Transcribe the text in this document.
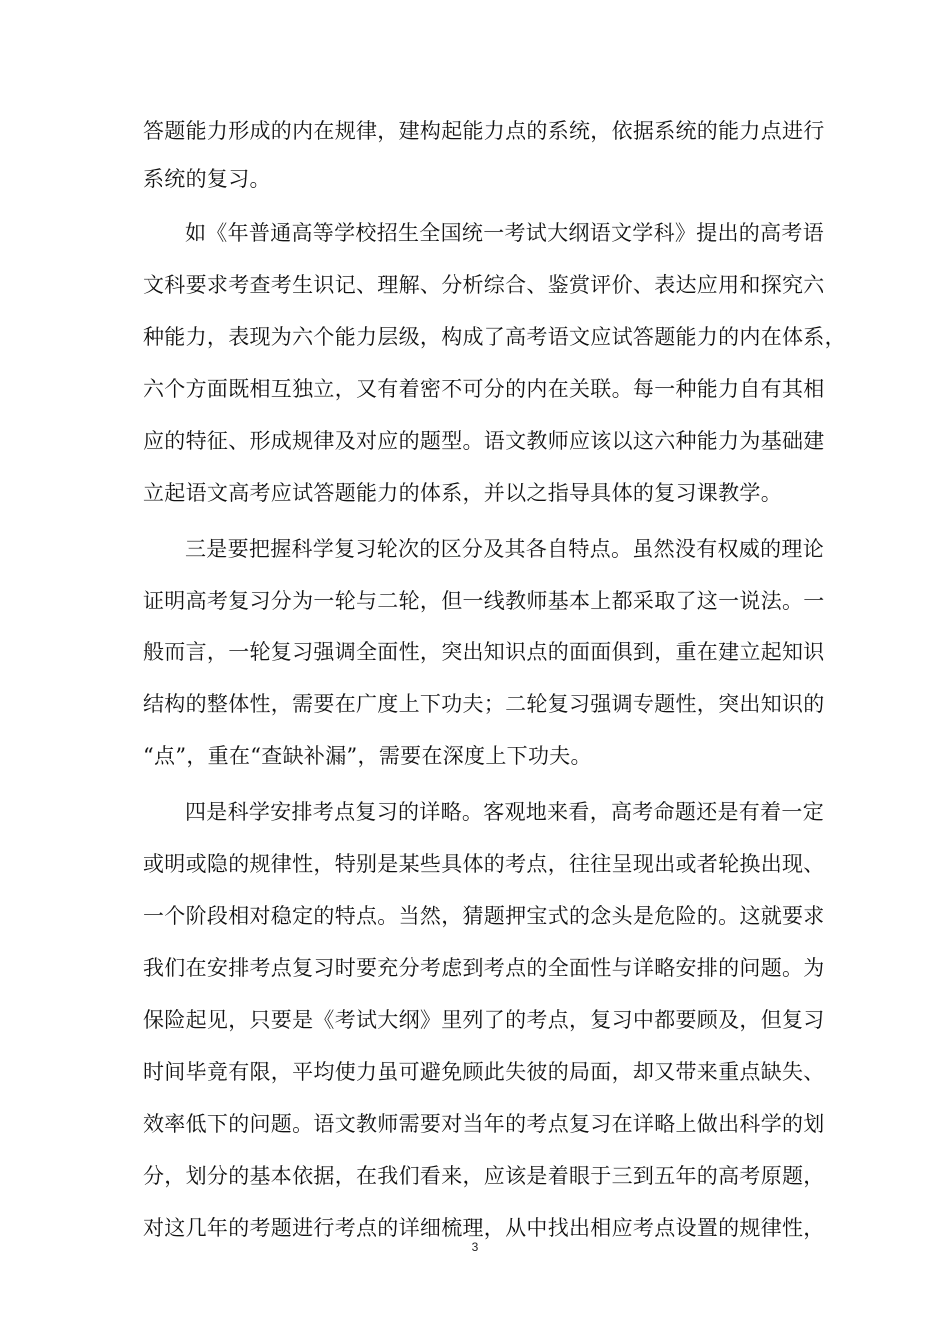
答题能力形成的内在规律，建构起能力点的系统，依据系统的能力点进行
系统的复习。
如《年普通高等学校招生全国统一考试大纲语文学科》提出的高考语
文科要求考查考生识记、理解、分析综合、鉴赏评价、表达应用和探究六
种能力，表现为六个能力层级，构成了高考语文应试答题能力的内在体系，
六个方面既相互独立，又有着密不可分的内在关联。每一种能力自有其相
应的特征、形成规律及对应的题型。语文教师应该以这六种能力为基础建
立起语文高考应试答题能力的体系，并以之指导具体的复习课教学。
三是要把握科学复习轮次的区分及其各自特点。虽然没有权威的理论
证明高考复习分为一轮与二轮，但一线教师基本上都采取了这一说法。一
般而言，一轮复习强调全面性，突出知识点的面面俱到，重在建立起知识
结构的整体性，需要在广度上下功夫；二轮复习强调专题性，突出知识的
“点”，重在“查缺补漏”，需要在深度上下功夫。
四是科学安排考点复习的详略。客观地来看，高考命题还是有着一定
或明或隐的规律性，特别是某些具体的考点，往往呈现出或者轮换出现、
一个阶段相对稳定的特点。当然，猜题押宝式的念头是危险的。这就要求
我们在安排考点复习时要充分考虑到考点的全面性与详略安排的问题。为
保险起见，只要是《考试大纲》里列了的考点，复习中都要顾及，但复习
时间毕竟有限，平均使力虽可避免顾此失彼的局面，却又带来重点缺失、
效率低下的问题。语文教师需要对当年的考点复习在详略上做出科学的划
分，划分的基本依据，在我们看来，应该是着眼于三到五年的高考原题，
对这几年的考题进行考点的详细梳理，从中找出相应考点设置的规律性，
3
